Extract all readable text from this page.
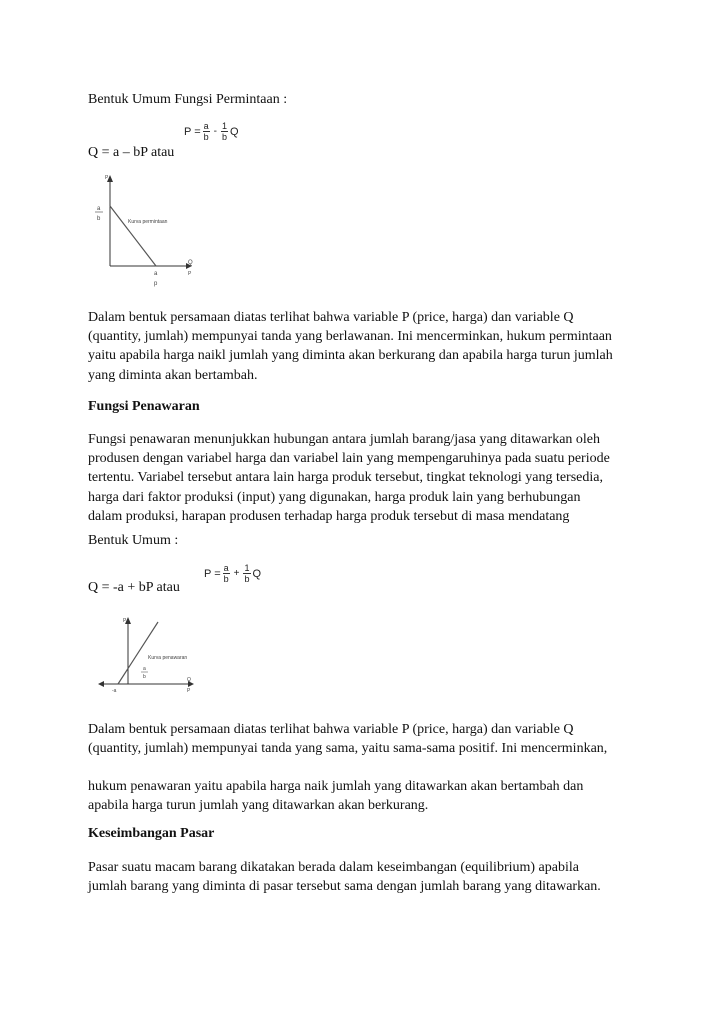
Bentuk Umum Fungsi Permintaan :
Q = a – bP atau
$P = \frac{a}{b} - \frac{1}{b}$ Q
P
a
b	Kurva permintaan
a
p
Q
P
Dalam bentuk persamaan diatas terlihat bahwa variable P (price, harga) dan variable Q
(quantity, jumlah) mempunyai tanda yang berlawanan. Ini mencerminkan, hukum permintaan
yaitu apabila harga naikl jumlah yang diminta akan berkurang dan apabila harga turun jumlah
yang diminta akan bertambah.
Fungsi Penawaran
Fungsi penawaran menunjukkan hubungan antara jumlah barang/jasa yang ditawarkan oleh
produsen dengan variabel harga dan variabel lain yang mempengaruhinya pada suatu periode
tertentu. Variabel tersebut antara lain harga produk tersebut, tingkat teknologi yang tersedia,
harga dari faktor produksi (input) yang digunakan, harga produk lain yang berhubungan
dalam produksi, harapan produsen terhadap harga produk tersebut di masa mendatang
Bentuk Umum :
Q = -a + bP atau
$P = \frac{a}{b} + \frac{1}{b}$ Q
P
Kurva penawaran
a
b
-a
Q
P
Dalam bentuk persamaan diatas terlihat bahwa variable P (price, harga) dan variable Q
(quantity, jumlah) mempunyai tanda yang sama, yaitu sama-sama positif. Ini mencerminkan,
hukum penawaran yaitu apabila harga naik jumlah yang ditawarkan akan bertambah dan
apabila harga turun jumlah yang ditawarkan akan berkurang.
Keseimbangan Pasar
Pasar suatu macam barang dikatakan berada dalam keseimbangan (equilibrium) apabila
jumlah barang yang diminta di pasar tersebut sama dengan jumlah barang yang ditawarkan.
